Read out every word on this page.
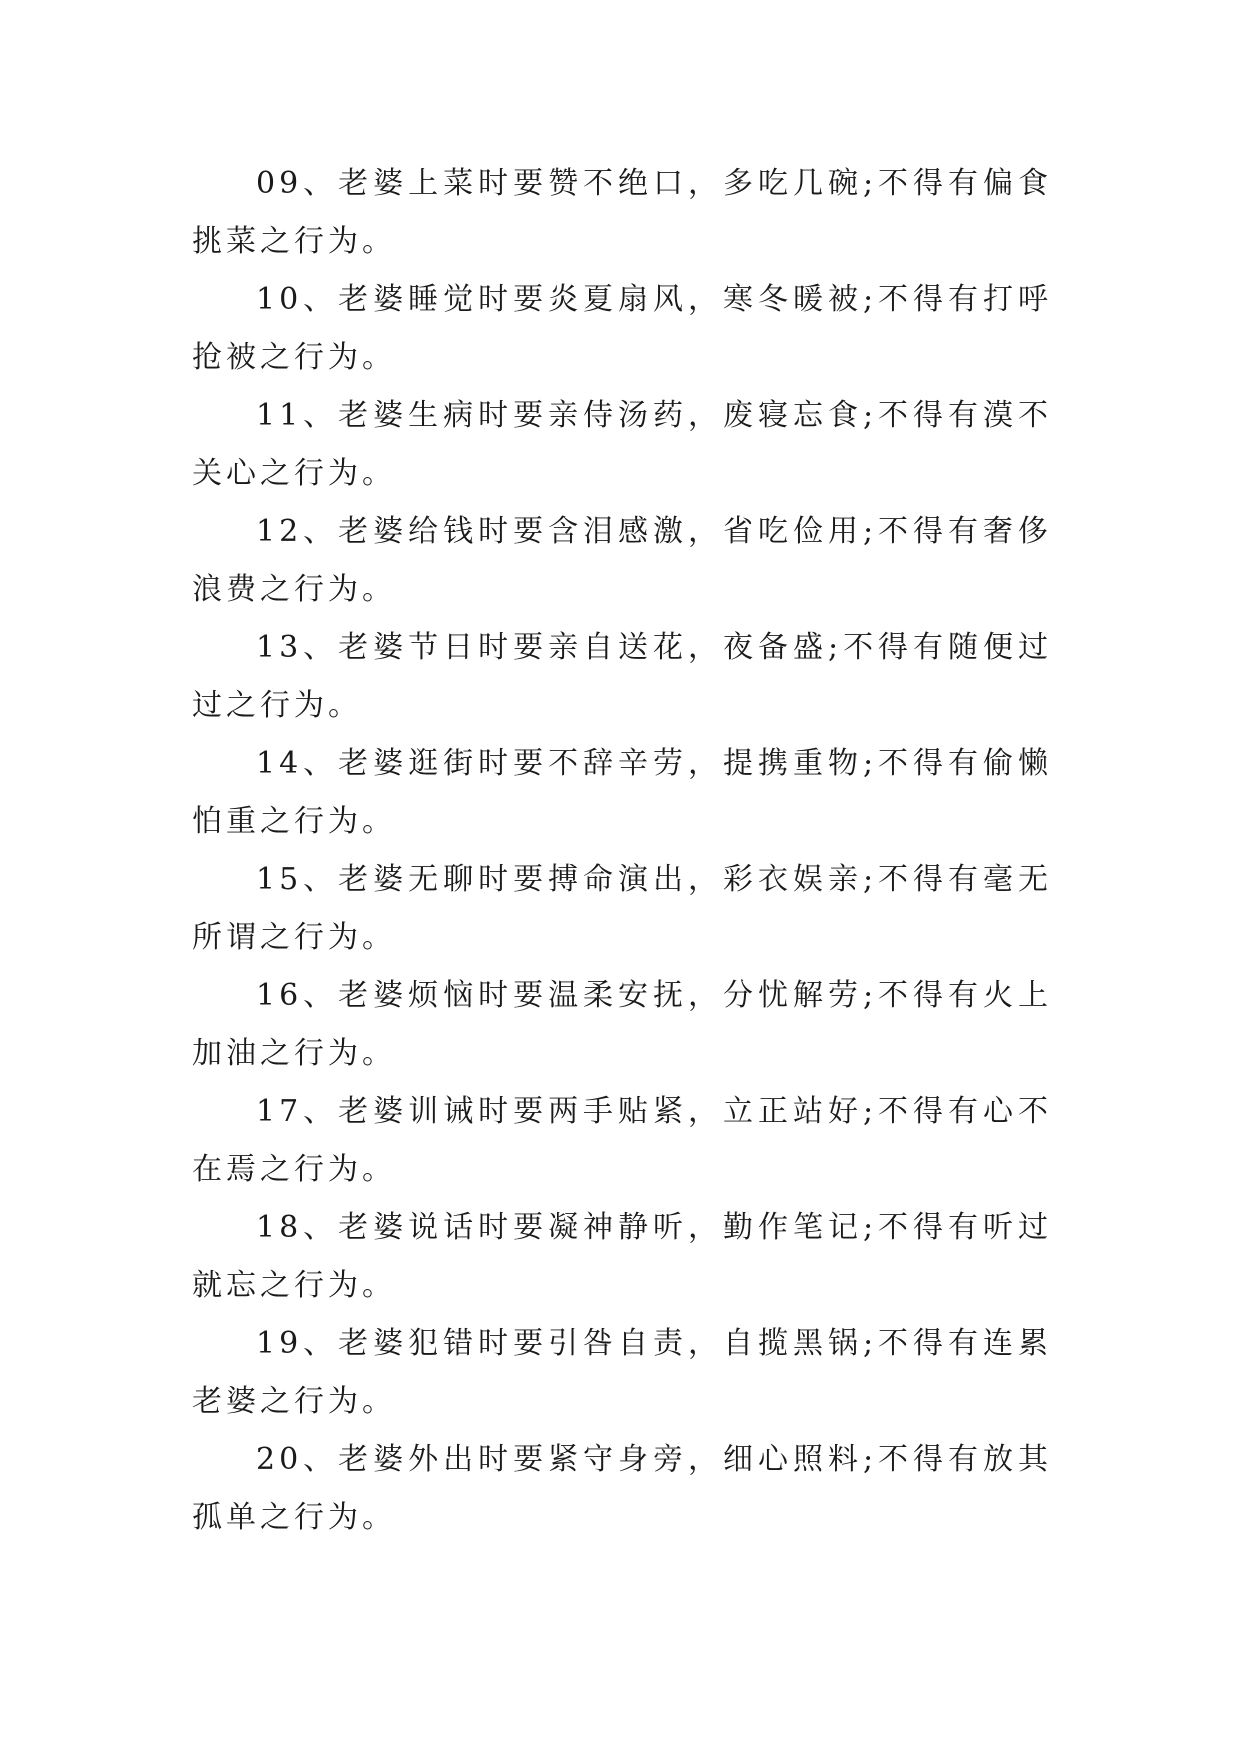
09、老婆上菜时要赞不绝口，多吃几碗;不得有偏食挑菜之行为。

10、老婆睡觉时要炎夏扇风，寒冬暖被;不得有打呼抢被之行为。

11、老婆生病时要亲侍汤药，废寝忘食;不得有漠不关心之行为。

12、老婆给钱时要含泪感激，省吃俭用;不得有奢侈浪费之行为。

13、老婆节日时要亲自送花，夜备盛;不得有随便过过之行为。

14、老婆逛街时要不辞辛劳，提携重物;不得有偷懒怕重之行为。

15、老婆无聊时要搏命演出，彩衣娱亲;不得有毫无所谓之行为。

16、老婆烦恼时要温柔安抚，分忧解劳;不得有火上加油之行为。

17、老婆训诫时要两手贴紧，立正站好;不得有心不在焉之行为。

18、老婆说话时要凝神静听，勤作笔记;不得有听过就忘之行为。

19、老婆犯错时要引咎自责，自揽黑锅;不得有连累老婆之行为。

20、老婆外出时要紧守身旁，细心照料;不得有放其孤单之行为。
